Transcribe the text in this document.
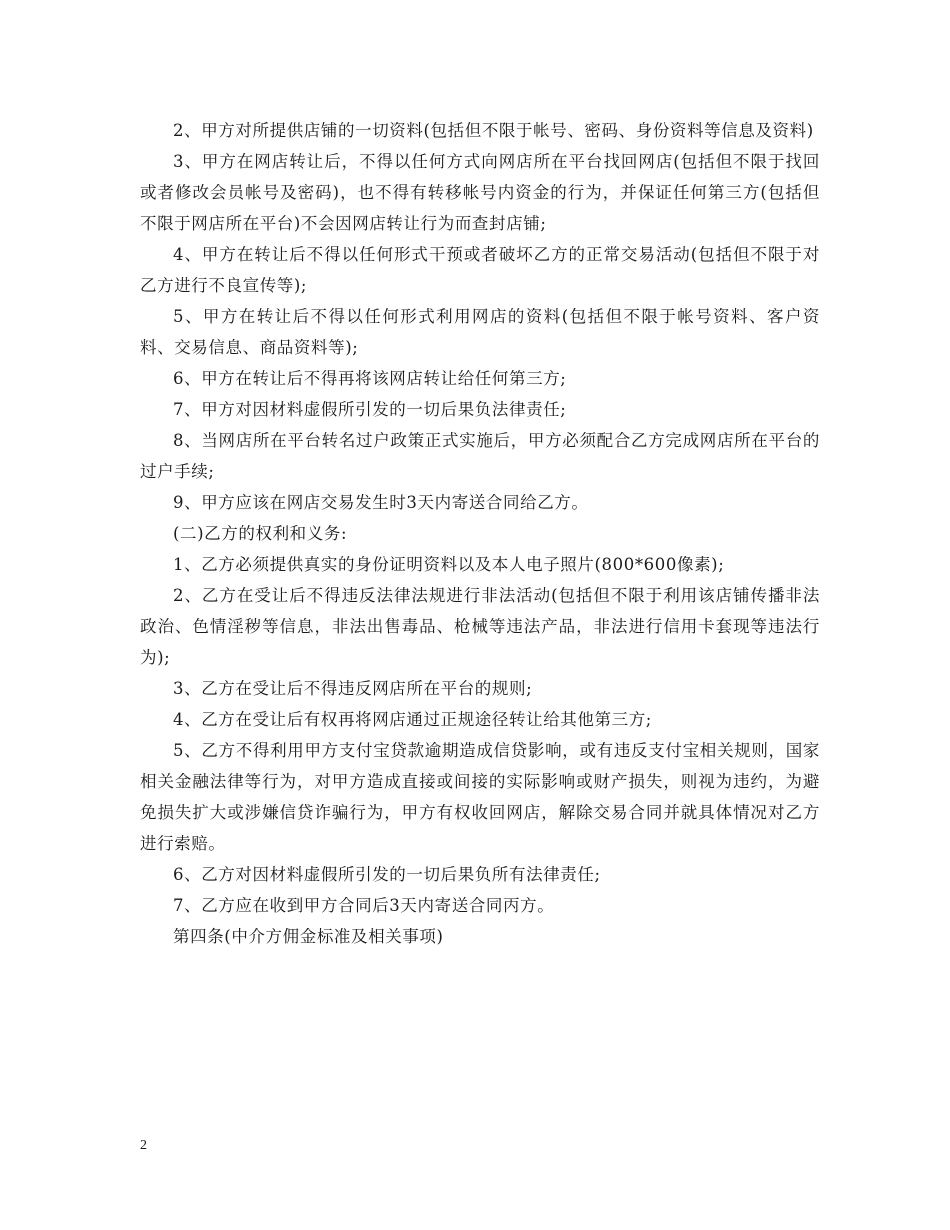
2、甲方对所提供店铺的一切资料(包括但不限于帐号、密码、身份资料等信息及资料)

3、甲方在网店转让后，不得以任何方式向网店所在平台找回网店(包括但不限于找回或者修改会员帐号及密码)，也不得有转移帐号内资金的行为，并保证任何第三方(包括但不限于网店所在平台)不会因网店转让行为而查封店铺;

4、甲方在转让后不得以任何形式干预或者破坏乙方的正常交易活动(包括但不限于对乙方进行不良宣传等);

5、甲方在转让后不得以任何形式利用网店的资料(包括但不限于帐号资料、客户资料、交易信息、商品资料等);

6、甲方在转让后不得再将该网店转让给任何第三方;

7、甲方对因材料虚假所引发的一切后果负法律责任;

8、当网店所在平台转名过户政策正式实施后，甲方必须配合乙方完成网店所在平台的过户手续;

9、甲方应该在网店交易发生时3天内寄送合同给乙方。

(二)乙方的权利和义务:

1、乙方必须提供真实的身份证明资料以及本人电子照片(800*600像素);

2、乙方在受让后不得违反法律法规进行非法活动(包括但不限于利用该店铺传播非法政治、色情淫秽等信息，非法出售毒品、枪械等违法产品，非法进行信用卡套现等违法行为);

3、乙方在受让后不得违反网店所在平台的规则;

4、乙方在受让后有权再将网店通过正规途径转让给其他第三方;

5、乙方不得利用甲方支付宝贷款逾期造成信贷影响，或有违反支付宝相关规则，国家相关金融法律等行为，对甲方造成直接或间接的实际影响或财产损失，则视为违约，为避免损失扩大或涉嫌信贷诈骗行为，甲方有权收回网店，解除交易合同并就具体情况对乙方进行索赔。

6、乙方对因材料虚假所引发的一切后果负所有法律责任;

7、乙方应在收到甲方合同后3天内寄送合同丙方。

第四条(中介方佣金标准及相关事项)

2
